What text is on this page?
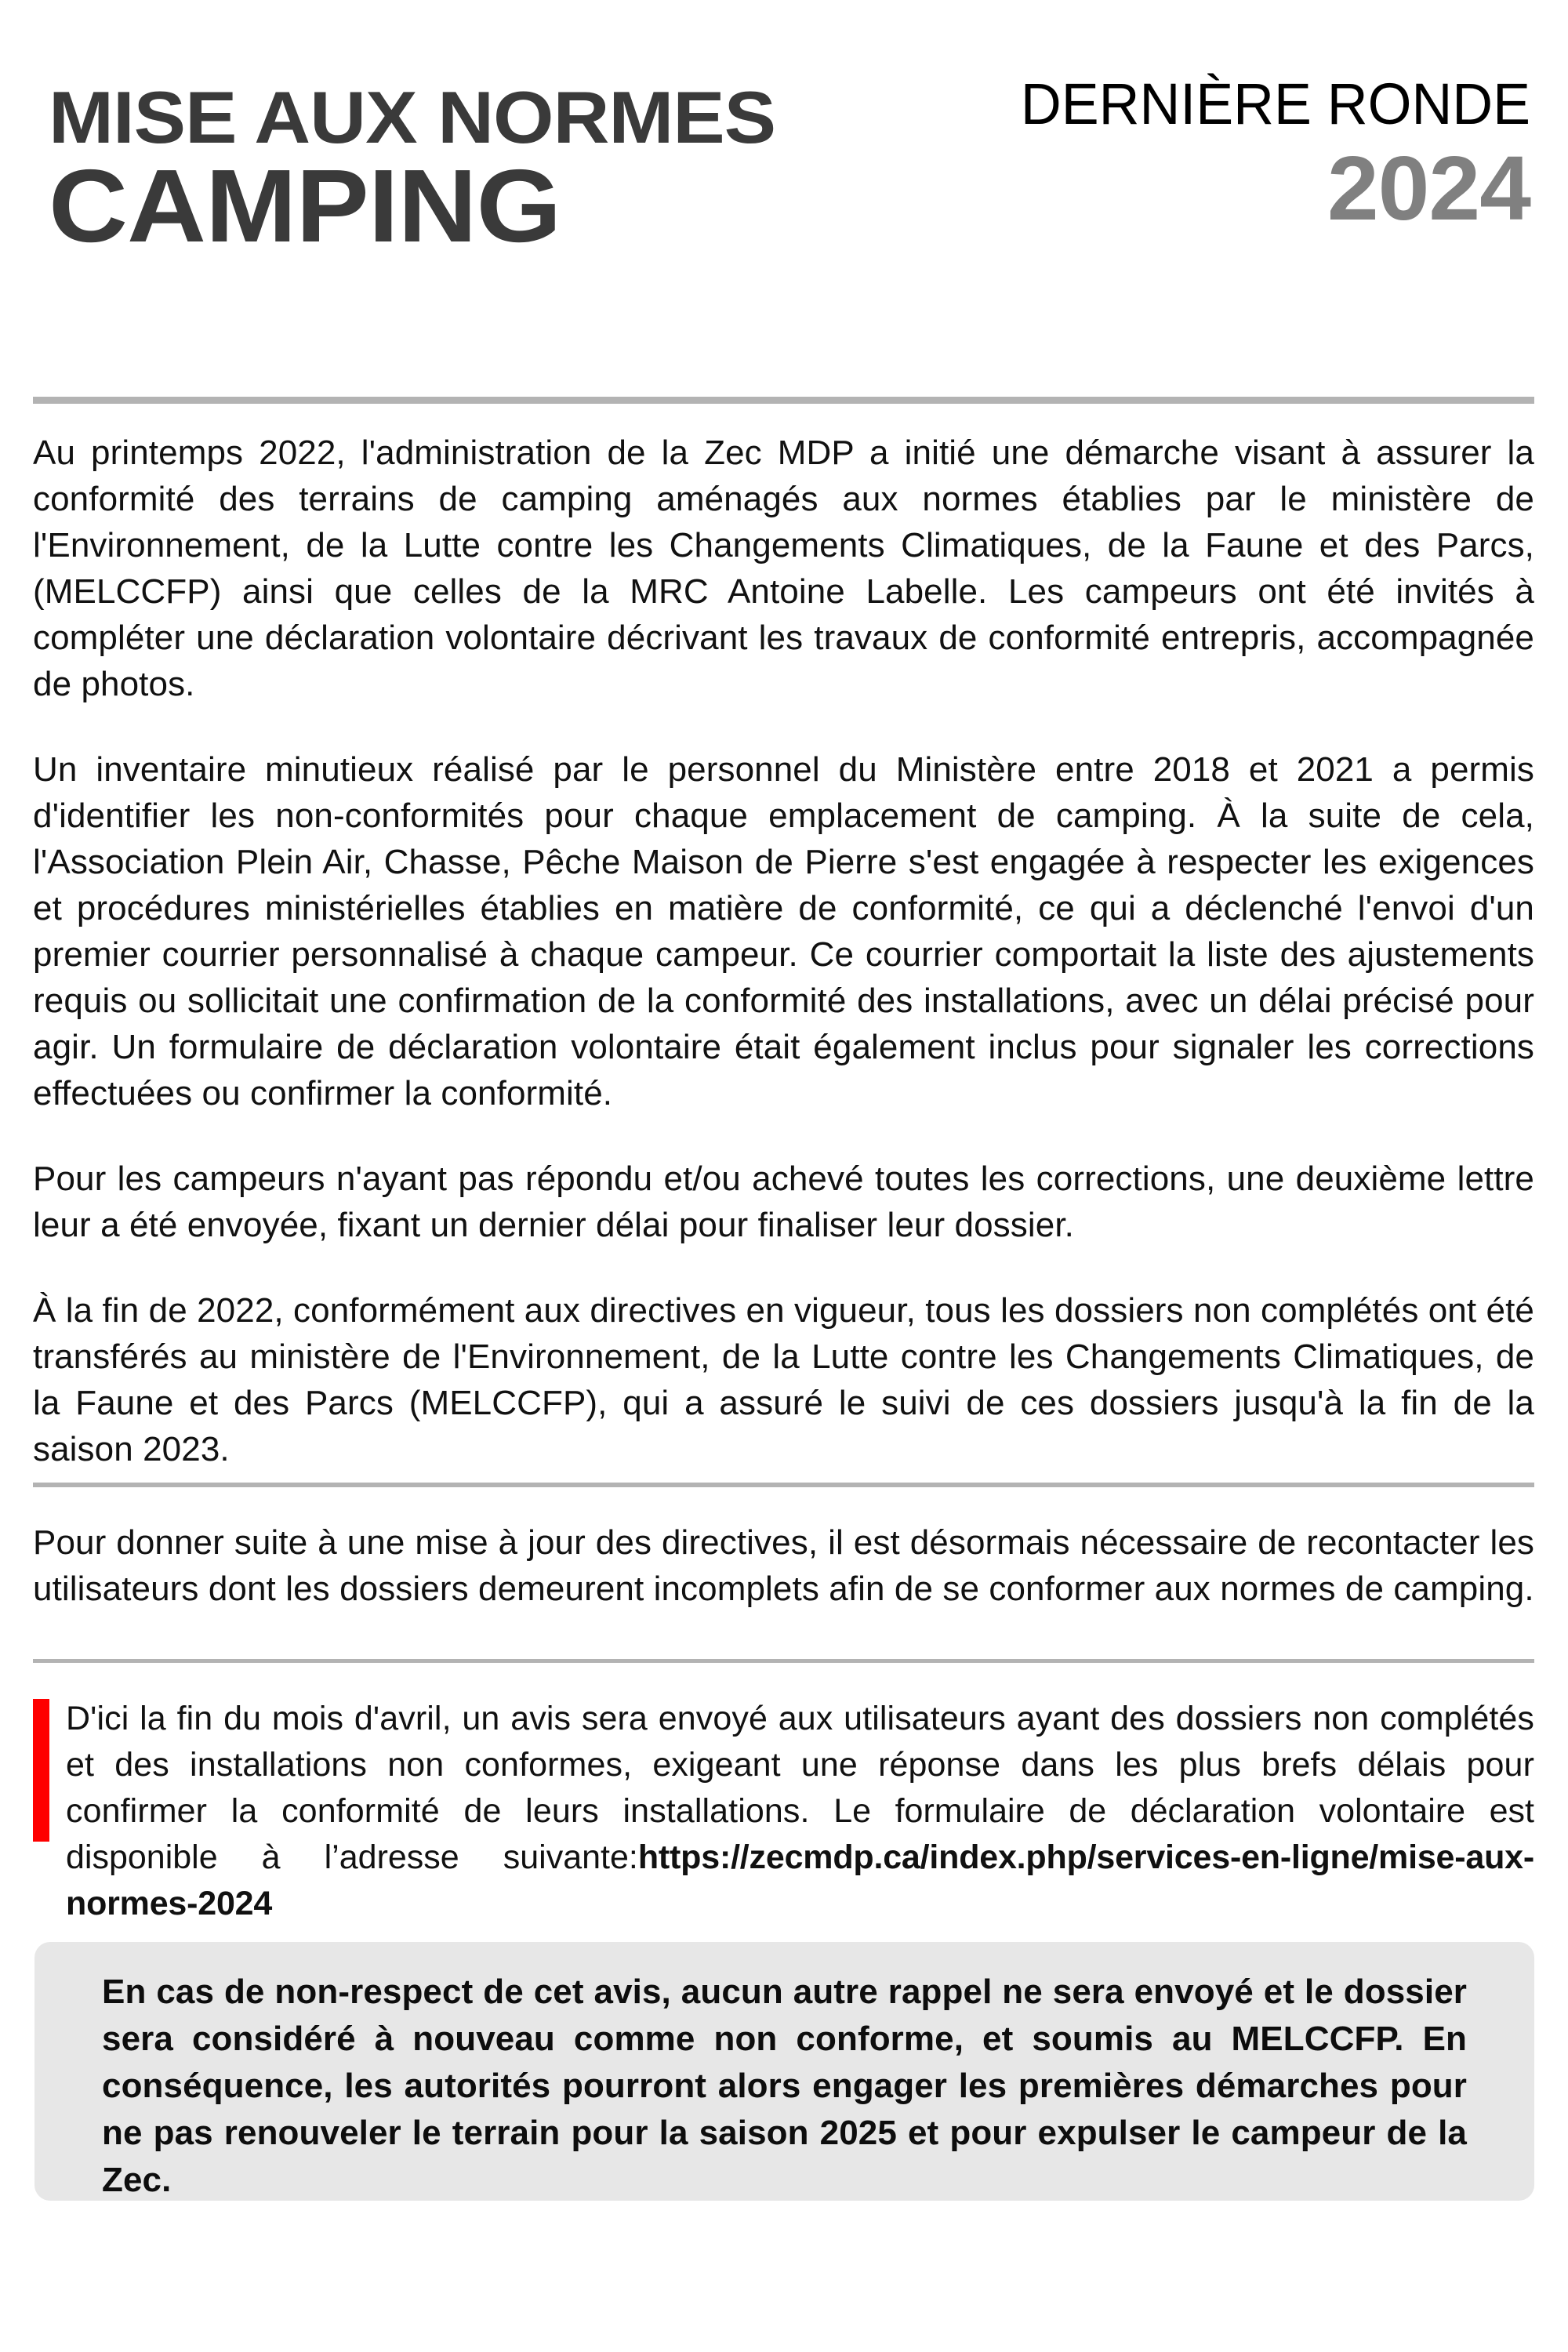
MISE AUX NORMES
CAMPING
DERNIÈRE RONDE
2024

Au printemps 2022, l'administration de la Zec MDP a initié une démarche visant à assurer la conformité des terrains de camping aménagés aux normes établies par le ministère de l'Environnement, de la Lutte contre les Changements Climatiques, de la Faune et des Parcs, (MELCCFP) ainsi que celles de la MRC Antoine Labelle. Les campeurs ont été invités à compléter une déclaration volontaire décrivant les travaux de conformité entrepris, accompagnée de photos.

Un inventaire minutieux réalisé par le personnel du Ministère entre 2018 et 2021 a permis d'identifier les non-conformités pour chaque emplacement de camping. À la suite de cela, l'Association Plein Air, Chasse, Pêche Maison de Pierre s'est engagée à respecter les exigences et procédures ministérielles établies en matière de conformité, ce qui a déclenché l'envoi d'un premier courrier personnalisé à chaque campeur. Ce courrier comportait la liste des ajustements requis ou sollicitait une confirmation de la conformité des installations, avec un délai précisé pour agir. Un formulaire de déclaration volontaire était également inclus pour signaler les corrections effectuées ou confirmer la conformité.

Pour les campeurs n'ayant pas répondu et/ou achevé toutes les corrections, une deuxième lettre leur a été envoyée, fixant un dernier délai pour finaliser leur dossier.

À la fin de 2022, conformément aux directives en vigueur, tous les dossiers non complétés ont été transférés au ministère de l'Environnement, de la Lutte contre les Changements Climatiques, de la Faune et des Parcs (MELCCFP), qui a assuré le suivi de ces dossiers jusqu'à la fin de la saison 2023.

Pour donner suite à une mise à jour des directives, il est désormais nécessaire de recontacter les utilisateurs dont les dossiers demeurent incomplets afin de se conformer aux normes de camping.

D'ici la fin du mois d'avril, un avis sera envoyé aux utilisateurs ayant des dossiers non complétés et des installations non conformes, exigeant une réponse dans les plus brefs délais pour confirmer la conformité de leurs installations. Le formulaire de déclaration volontaire est disponible à l’adresse suivante:https://zecmdp.ca/index.php/services-en-ligne/mise-aux-normes-2024

En cas de non-respect de cet avis, aucun autre rappel ne sera envoyé et le dossier sera considéré à nouveau comme non conforme, et soumis au MELCCFP. En conséquence, les autorités pourront alors engager les premières démarches pour ne pas renouveler le terrain pour la saison 2025 et pour expulser le campeur de la Zec.
